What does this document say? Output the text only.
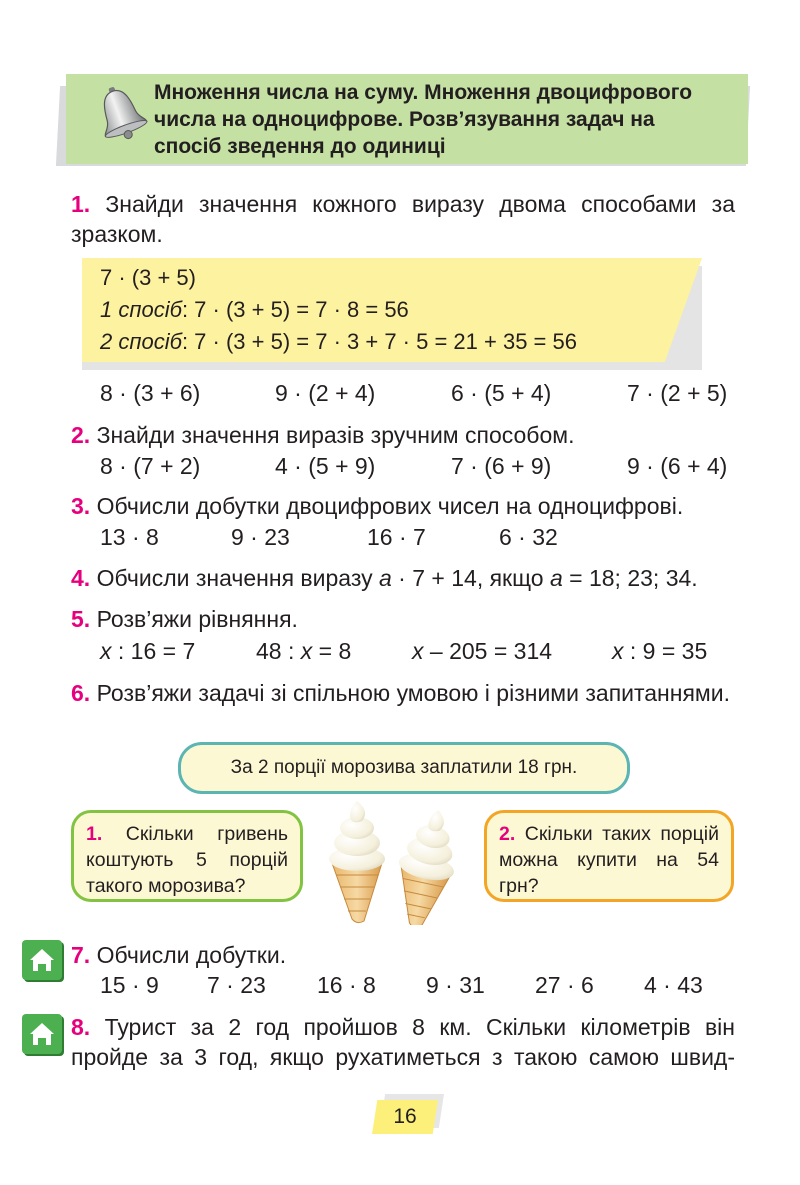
Множення числа на суму. Множення двоцифрового числа на одноцифрове. Розв’язування задач на спосіб зведення до одиниці
1. Знайди значення кожного виразу двома способами за зразком.
7 · (3 + 5)
1 спосіб: 7 · (3 + 5) = 7 · 8 = 56
2 спосіб: 7 · (3 + 5) = 7 · 3 + 7 · 5 = 21 + 35 = 56
8 · (3 + 6)	9 · (2 + 4)	6 · (5 + 4)	7 · (2 + 5)
2. Знайди значення виразів зручним способом.
8 · (7 + 2)	4 · (5 + 9)	7 · (6 + 9)	9 · (6 + 4)
3. Обчисли добутки двоцифрових чисел на одноцифрові.
13 · 8	9 · 23	16 · 7	6 · 32
4. Обчисли значення виразу а · 7 + 14, якщо а = 18; 23; 34.
5. Розв’яжи рівняння.
х : 16 = 7	48 : х = 8	х – 205 = 314	х : 9 = 35
6. Розв’яжи задачі зі спільною умовою і різними запитаннями.
За 2 порції морозива заплатили 18 грн.
1. Скільки гривень коштують 5 порцій такого морозива?
2. Скільки таких порцій можна купити на 54 грн?
7. Обчисли добутки.
15 · 9 7 · 23 16 · 8 9 · 31 27 · 6 4 · 43
8. Турист за 2 год пройшов 8 км. Скільки кілометрів він пройде за 3 год, якщо рухатиметься з такою самою швид-
16
